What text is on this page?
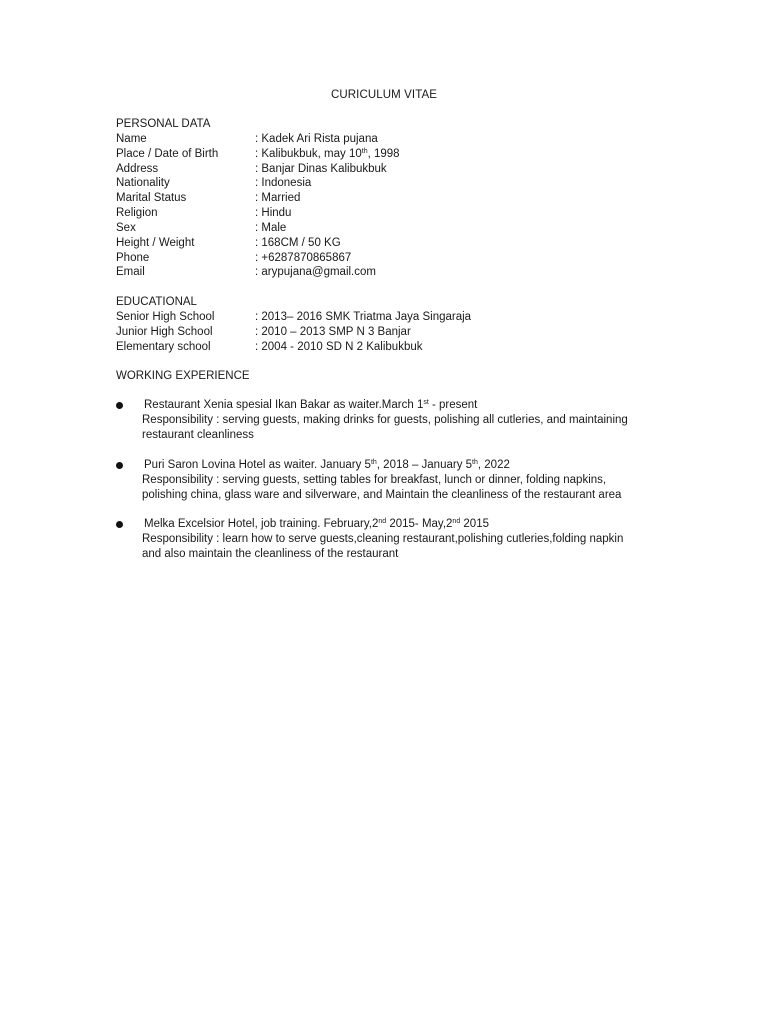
CURICULUM VITAE
PERSONAL DATA
Name	: Kadek Ari Rista pujana
Place / Date of Birth	: Kalibukbuk, may 10th, 1998
Address	: Banjar Dinas Kalibukbuk
Nationality	: Indonesia
Marital Status	: Married
Religion	: Hindu
Sex	: Male
Height / Weight	: 168CM / 50 KG
Phone	: +6287870865867
Email	: arypujana@gmail.com
EDUCATIONAL
Senior High School	: 2013– 2016 SMK Triatma Jaya Singaraja
Junior High School	: 2010 – 2013 SMP N 3 Banjar
Elementary school	: 2004 - 2010 SD N 2 Kalibukbuk
WORKING EXPERIENCE
Restaurant Xenia spesial Ikan Bakar as waiter.March 1st - present
Responsibility : serving guests, making drinks for guests, polishing all cutleries, and maintaining restaurant cleanliness
Puri Saron Lovina Hotel as waiter. January 5th, 2018 – January 5th, 2022
Responsibility : serving guests, setting tables for breakfast, lunch or dinner, folding napkins, polishing china, glass ware and silverware, and Maintain the cleanliness of the restaurant area
Melka Excelsior Hotel, job training. February,2nd 2015- May,2nd 2015
Responsibility : learn how to serve guests,cleaning restaurant,polishing cutleries,folding napkin and also maintain the cleanliness of the restaurant
